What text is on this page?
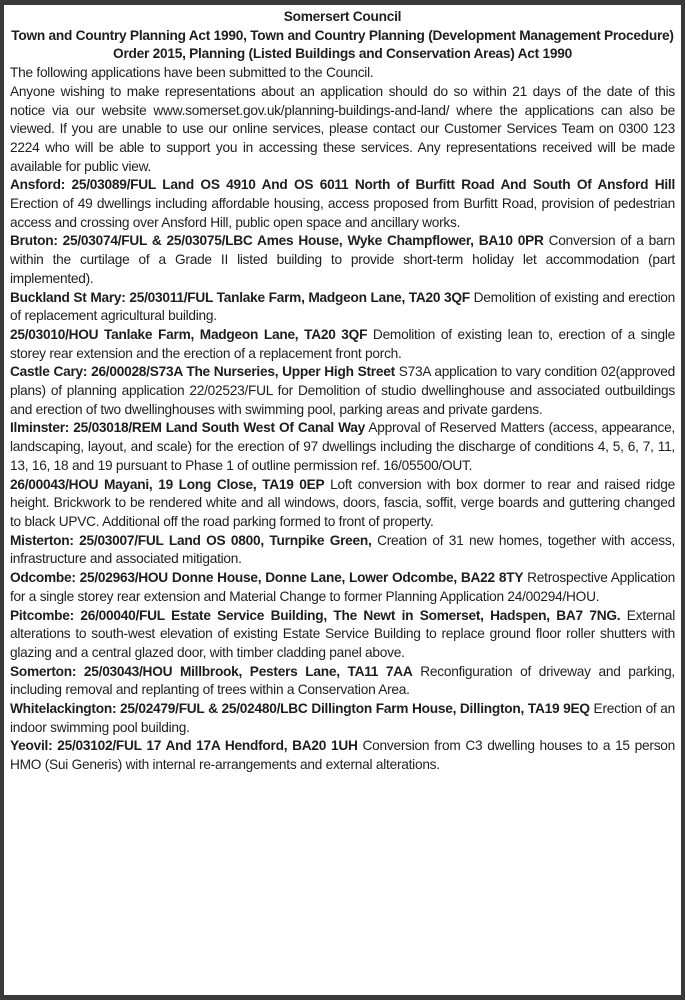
Somersert Council

Town and Country Planning Act 1990, Town and Country Planning (Development Management Procedure) Order 2015, Planning (Listed Buildings and Conservation Areas) Act 1990

The following applications have been submitted to the Council.

Anyone wishing to make representations about an application should do so within 21 days of the date of this notice via our website www.somerset.gov.uk/planning-buildings-and-land/ where the applications can also be viewed. If you are unable to use our online services, please contact our Customer Services Team on 0300 123 2224 who will be able to support you in accessing these services. Any representations received will be made available for public view.

Ansford: 25/03089/FUL Land OS 4910 And OS 6011 North of Burfitt Road And South Of Ansford Hill Erection of 49 dwellings including affordable housing, access proposed from Burfitt Road, provision of pedestrian access and crossing over Ansford Hill, public open space and ancillary works.

Bruton: 25/03074/FUL & 25/03075/LBC Ames House, Wyke Champflower, BA10 0PR Conversion of a barn within the curtilage of a Grade II listed building to provide short-term holiday let accommodation (part implemented).

Buckland St Mary: 25/03011/FUL Tanlake Farm, Madgeon Lane, TA20 3QF Demolition of existing and erection of replacement agricultural building.

25/03010/HOU Tanlake Farm, Madgeon Lane, TA20 3QF Demolition of existing lean to, erection of a single storey rear extension and the erection of a replacement front porch.

Castle Cary: 26/00028/S73A The Nurseries, Upper High Street S73A application to vary condition 02(approved plans) of planning application 22/02523/FUL for Demolition of studio dwellinghouse and associated outbuildings and erection of two dwellinghouses with swimming pool, parking areas and private gardens.

Ilminster: 25/03018/REM Land South West Of Canal Way Approval of Reserved Matters (access, appearance, landscaping, layout, and scale) for the erection of 97 dwellings including the discharge of conditions 4, 5, 6, 7, 11, 13, 16, 18 and 19 pursuant to Phase 1 of outline permission ref. 16/05500/OUT.

26/00043/HOU Mayani, 19 Long Close, TA19 0EP Loft conversion with box dormer to rear and raised ridge height. Brickwork to be rendered white and all windows, doors, fascia, soffit, verge boards and guttering changed to black UPVC. Additional off the road parking formed to front of property.

Misterton: 25/03007/FUL Land OS 0800, Turnpike Green, Creation of 31 new homes, together with access, infrastructure and associated mitigation.

Odcombe: 25/02963/HOU Donne House, Donne Lane, Lower Odcombe, BA22 8TY Retrospective Application for a single storey rear extension and Material Change to former Planning Application 24/00294/HOU.

Pitcombe: 26/00040/FUL Estate Service Building, The Newt in Somerset, Hadspen, BA7 7NG. External alterations to south-west elevation of existing Estate Service Building to replace ground floor roller shutters with glazing and a central glazed door, with timber cladding panel above.

Somerton: 25/03043/HOU Millbrook, Pesters Lane, TA11 7AA Reconfiguration of driveway and parking, including removal and replanting of trees within a Conservation Area.

Whitelackington: 25/02479/FUL & 25/02480/LBC Dillington Farm House, Dillington, TA19 9EQ Erection of an indoor swimming pool building.

Yeovil: 25/03102/FUL 17 And 17A Hendford, BA20 1UH Conversion from C3 dwelling houses to a 15 person HMO (Sui Generis) with internal re-arrangements and external alterations.
